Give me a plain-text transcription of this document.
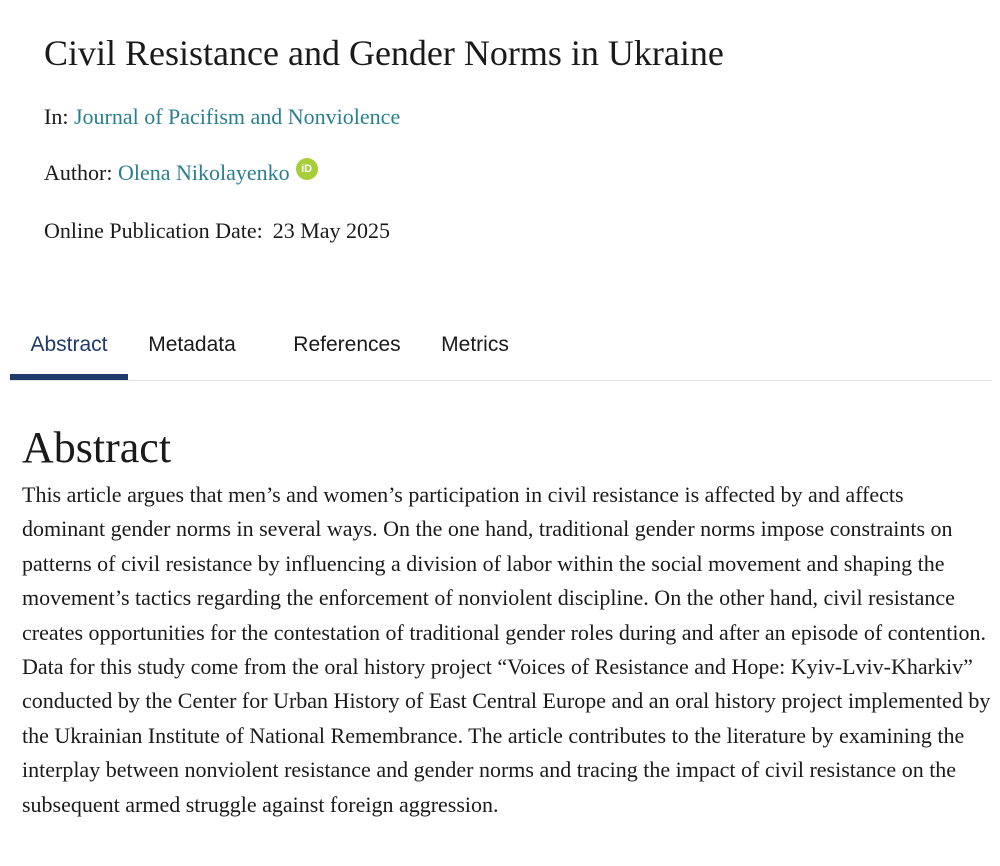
Civil Resistance and Gender Norms in Ukraine
In: Journal of Pacifism and Nonviolence
Author:
Olena Nikolayenko	iD
Online Publication Date: 23 May 2025
Abstract	Metadata	References	Metrics
Abstract

This article argues that men’s and women’s participation in civil resistance is affected by and affects dominant gender norms in several ways. On the one hand, traditional gender norms impose constraints on patterns of civil resistance by influencing a division of labor within the social movement and shaping the movement’s tactics regarding the enforcement of nonviolent discipline. On the other hand, civil resistance creates opportunities for the contestation of traditional gender roles during and after an episode of contention. Data for this study come from the oral history project “Voices of Resistance and Hope: Kyiv-Lviv-Kharkiv” conducted by the Center for Urban History of East Central Europe and an oral history project implemented by the Ukrainian Institute of National Remembrance. The article contributes to the literature by examining the interplay between nonviolent resistance and gender norms and tracing the impact of civil resistance on the subsequent armed struggle against foreign aggression.
